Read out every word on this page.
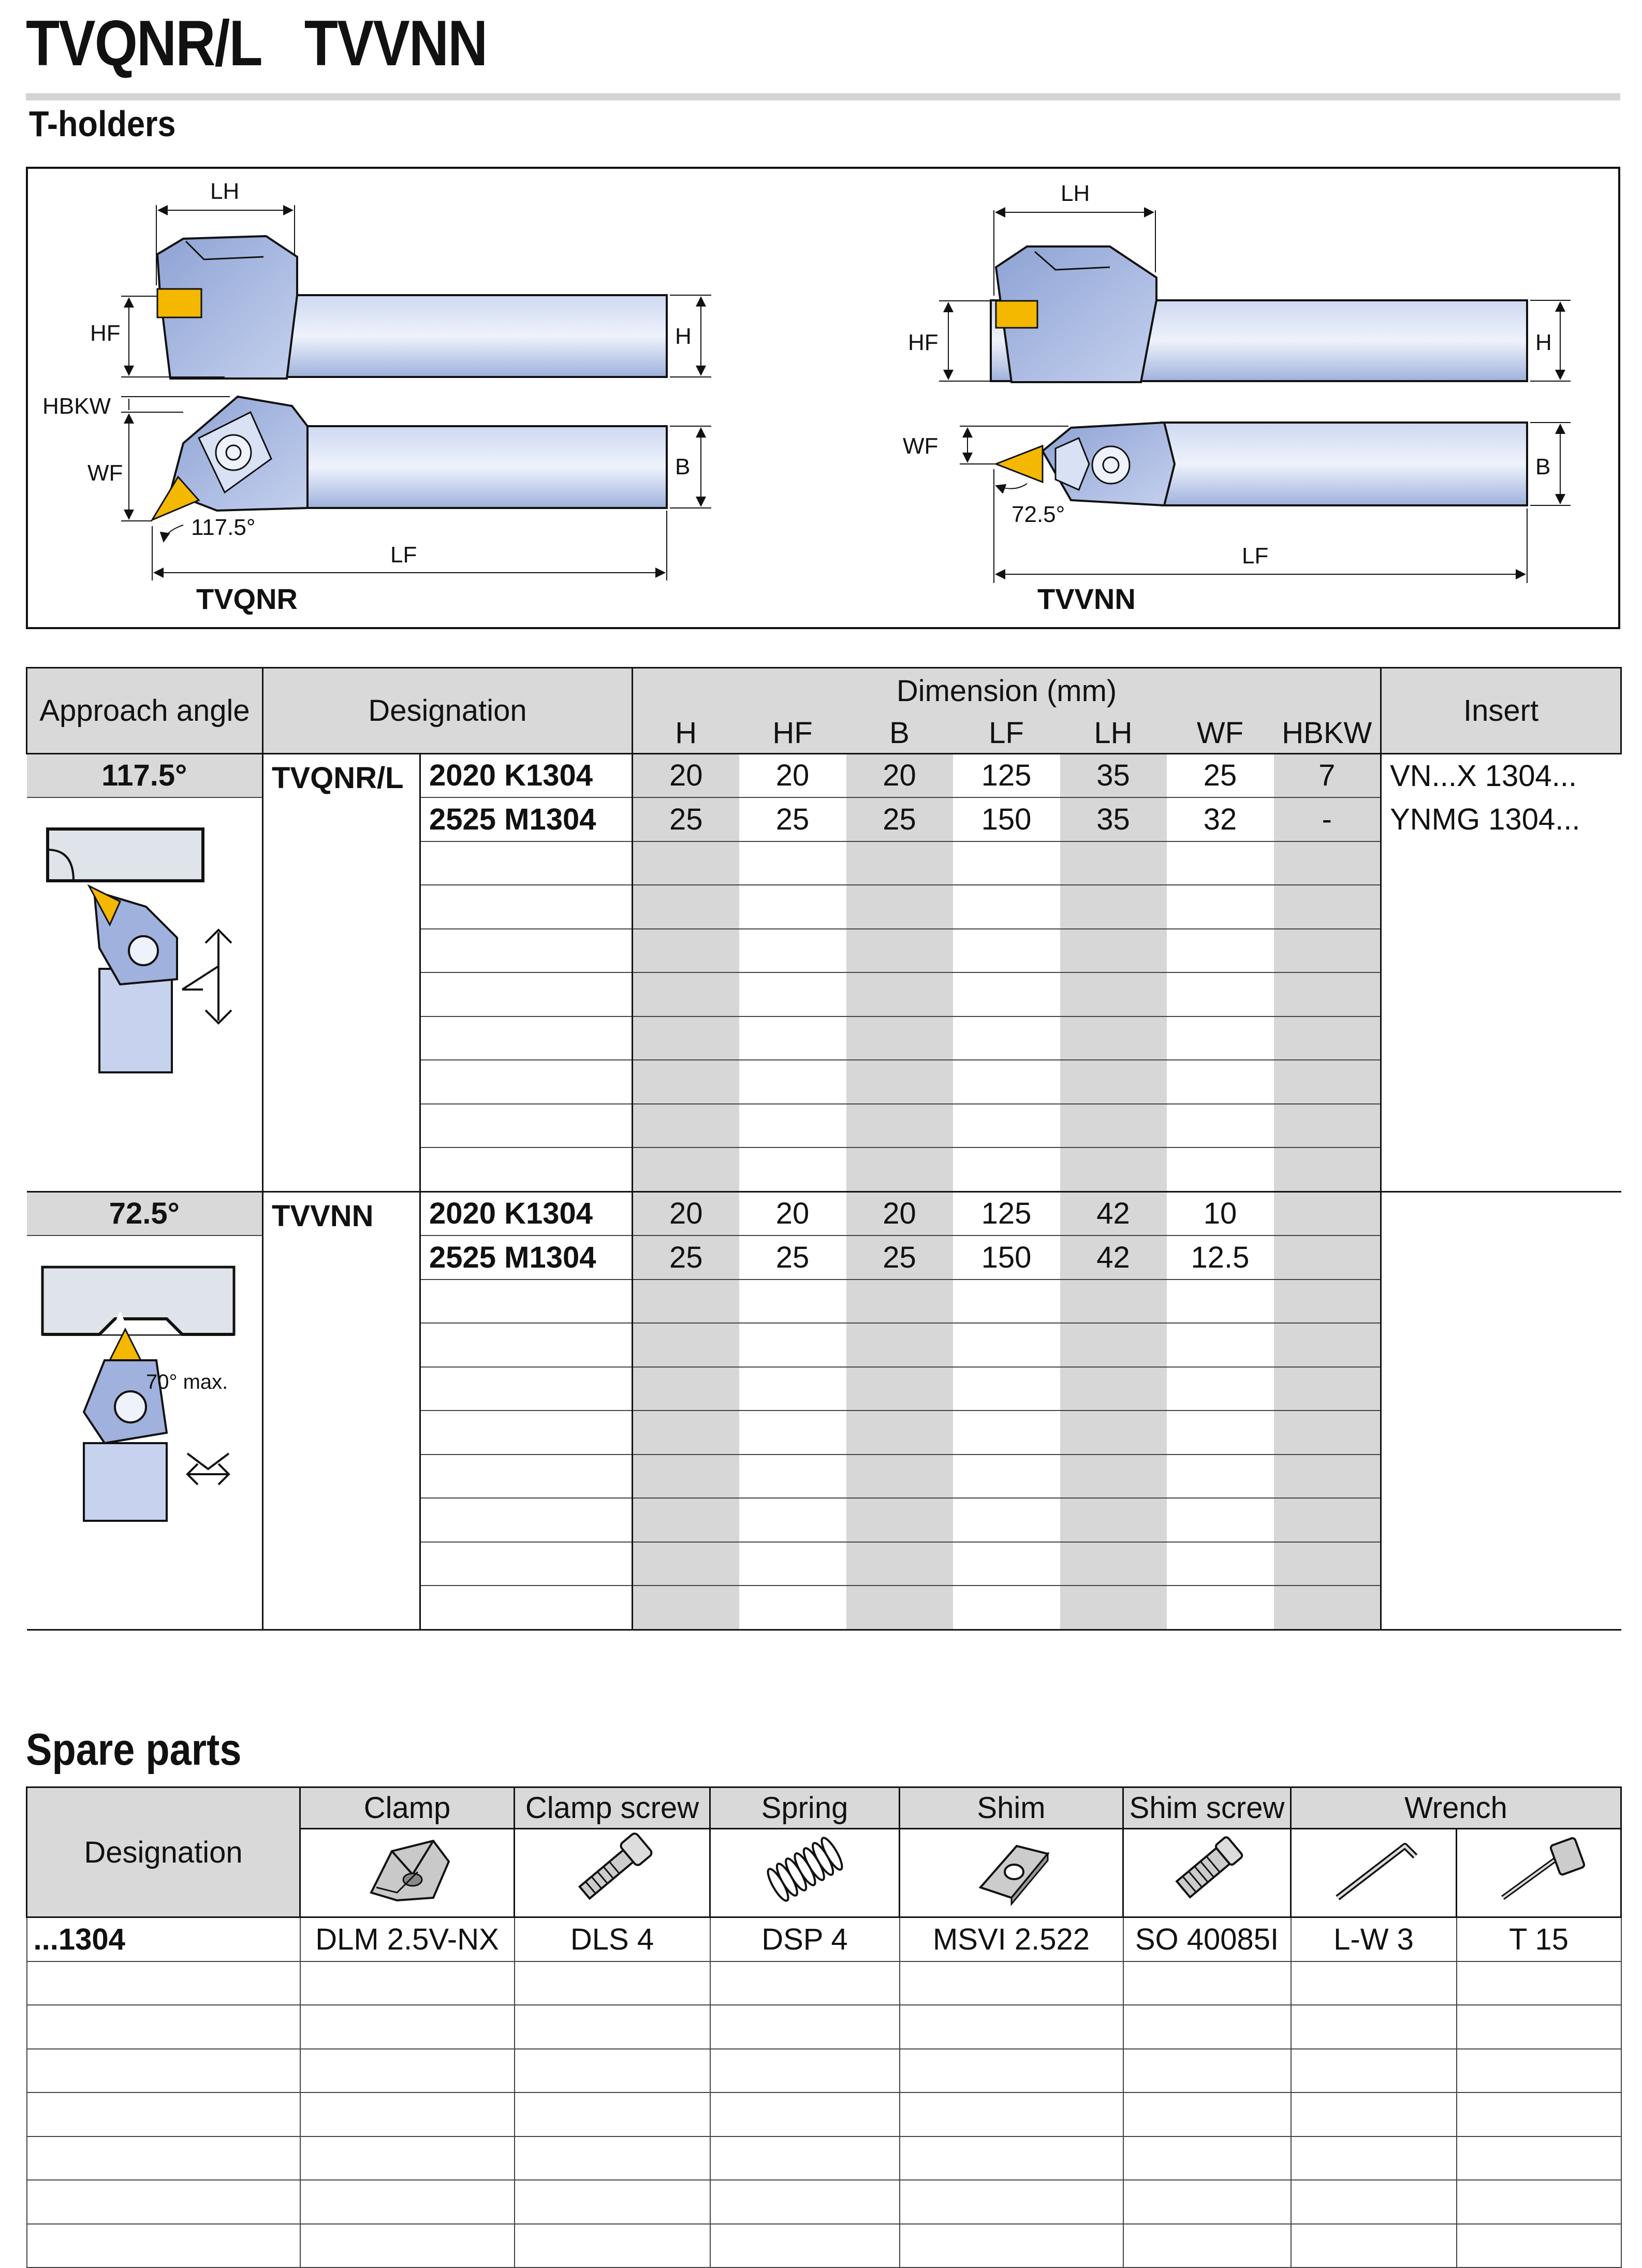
TVQNR/L   TVVNN
T-holders
LH
HF	H
HBKW
WF	B
117.5°
LF
TVQNR
LH
HF	H
WF
B
72.5°
LF
TVVNN
Approach angle	Designation		Dimension (mm)							Insert
			H	HF	B	LF	LH	WF	HBKW	
117.5°	TVQNR/L	2020 K1304	20	20	20	125	35	25	7	VN...X 1304...

	2525 M1304	25	25	25	150	35	32	-	YNMG 1304...

72.5°	TVVNN	2020 K1304	20	20	20	125	42	10		

70° max.		2525 M1304	25	25	25	150	42	12.5		

Spare parts
Designation	Clamp	Clamp screw	Spring	Shim	Shim screw	Wrench	

...1304	DLM 2.5V-NX	DLS 4	DSP 4	MSVI 2.522	SO 40085I	L-W 3	T 15
